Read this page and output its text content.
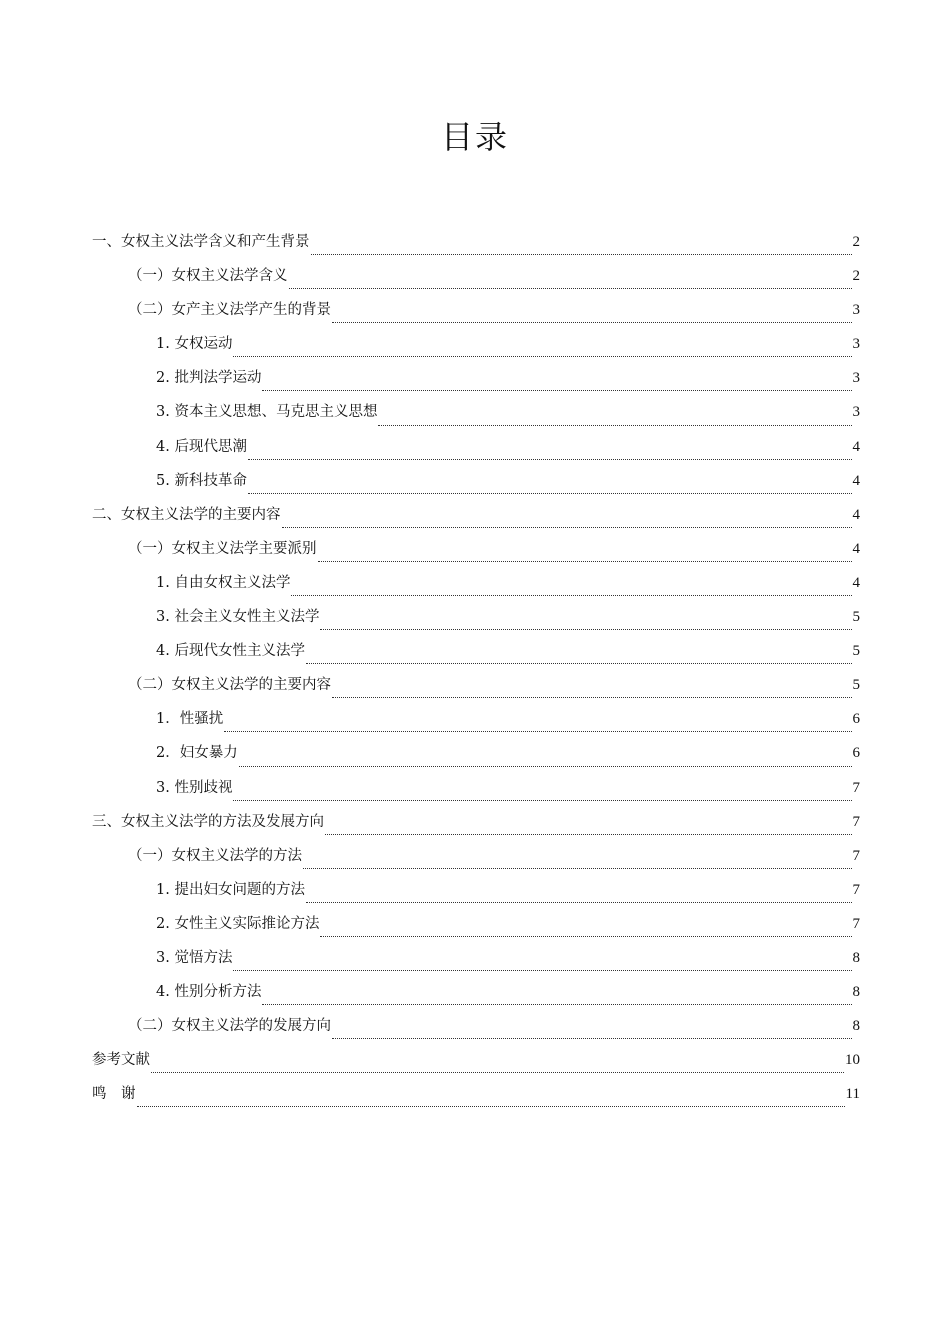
目录
一、女权主义法学含义和产生背景	2
（一）女权主义法学含义	2
（二）女产主义法学产生的背景	3
1. 女权运动	3
2. 批判法学运动	3
3. 资本主义思想、马克思主义思想	3
4. 后现代思潮	4
5. 新科技革命	4
二、女权主义法学的主要内容	4
（一）女权主义法学主要派别	4
1. 自由女权主义法学	4
3. 社会主义女性主义法学	5
4. 后现代女性主义法学	5
（二）女权主义法学的主要内容	5
1．性骚扰	6
2．妇女暴力	6
3. 性别歧视	7
三、女权主义法学的方法及发展方向	7
（一）女权主义法学的方法	7
1. 提出妇女问题的方法	7
2. 女性主义实际推论方法	7
3. 觉悟方法	8
4. 性别分析方法	8
（二）女权主义法学的发展方向	8
参考文献	10
鸣　谢	11
